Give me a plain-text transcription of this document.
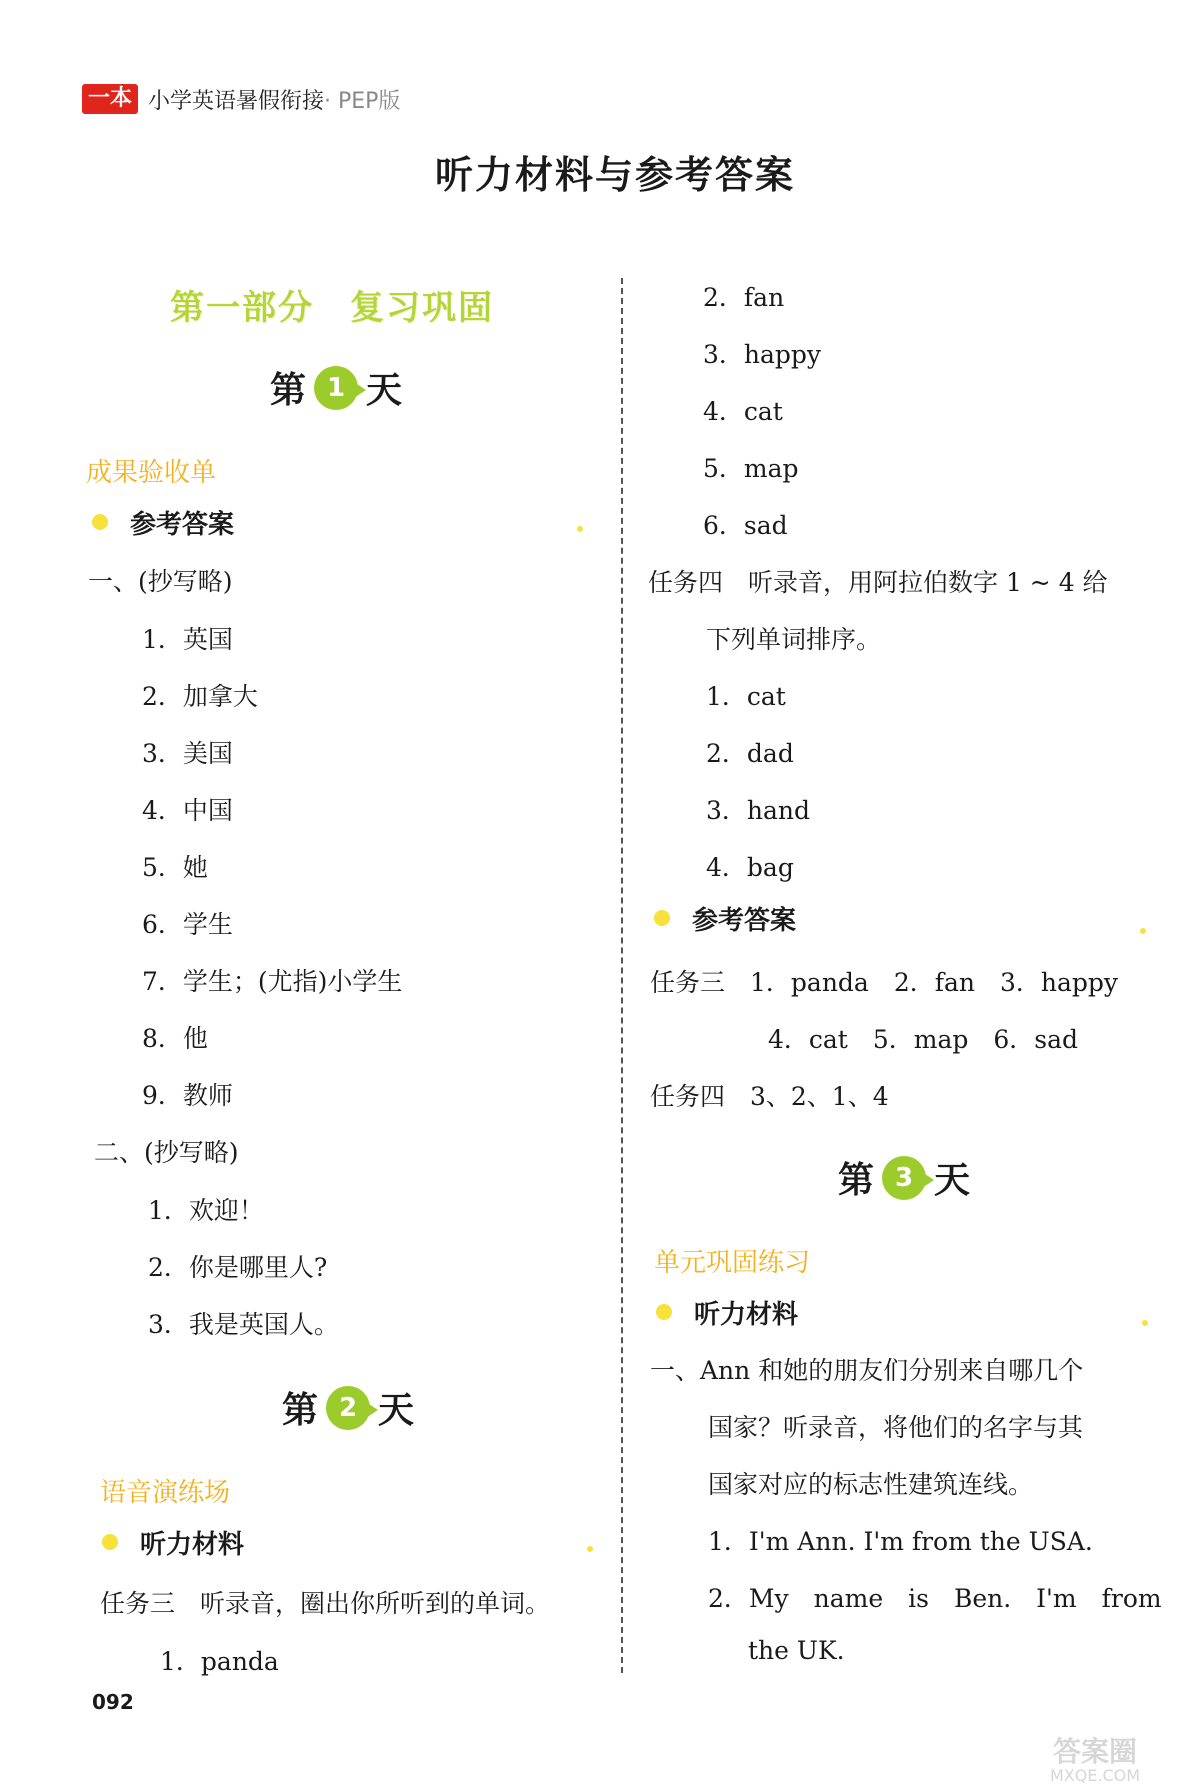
一本 小学英语暑假衔接· PEP版
听力材料与参考答案
第一部分　复习巩固
第 1 天
成果验收单
参考答案
一、(抄写略)
1．英国
2．加拿大
3．美国
4．中国
5．她
6．学生
7．学生；(尤指)小学生
8．他
9．教师
二、(抄写略)
1．欢迎！
2．你是哪里人?
3．我是英国人。
第 2 天
语音演练场
听力材料
任务三　听录音，圈出你所听到的单词。
1．panda
092
2．fan
3．happy
4．cat
5．map
6．sad
任务四　听录音，用阿拉伯数字 1 ~ 4 给
下列单词排序。
1．cat
2．dad
3．hand
4．bag
参考答案
任务三　1．panda　2．fan　3．happy
4．cat　5．map　6．sad
任务四　3、2、1、4
第 3 天
单元巩固练习
听力材料
一、Ann 和她的朋友们分别来自哪几个
国家？听录音，将他们的名字与其
国家对应的标志性建筑连线。
1．I'm Ann. I'm from the USA.
2．My　name　is　Ben.　I'm　from
the UK.
答案圈
MXQE.COM
